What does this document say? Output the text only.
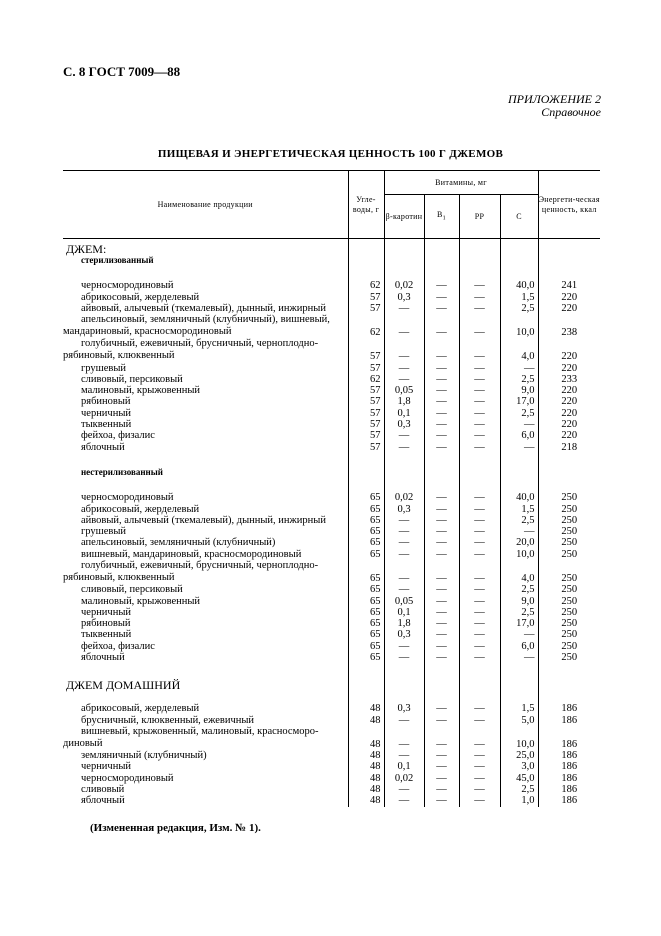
С. 8 ГОСТ 7009—88
ПРИЛОЖЕНИЕ 2
Справочное
ПИЩЕВАЯ И ЭНЕРГЕТИЧЕСКАЯ ЦЕННОСТЬ 100 Г ДЖЕМОВ
Наименование продукции	Угле-воды, г	Витамины, мг				Энергети-ческая ценность, ккал
		β-каротин	$B_1$	PP	C	
ДЖЕМ:						
стерилизованный						

черносмородиновый	62	0,02	—	—	40,0	241
абрикосовый, жерделевый	57	0,3	—	—	1,5	220
айвовый, алычевый (ткемалевый), дынный, инжирный	57	—	—	—	2,5	220
апельсиновый, земляничный (клубничный), вишневый, мандариновый, красносмородиновый	62	—	—	—	10,0	238
голубичный, ежевичный, брусничный, черноплодно-рябиновый, клюквенный	57	—	—	—	4,0	220
грушевый	57	—	—	—	—	220
сливовый, персиковый	62	—	—	—	2,5	233
малиновый, крыжовенный	57	0,05	—	—	9,0	220
рябиновый	57	1,8	—	—	17,0	220
черничный	57	0,1	—	—	2,5	220
тыквенный	57	0,3	—	—	—	220
фейхоа, физалис	57	—	—	—	6,0	220
яблочный	57	—	—	—	—	218

нестерилизованный						

черносмородиновый	65	0,02	—	—	40,0	250
абрикосовый, жерделевый	65	0,3	—	—	1,5	250
айвовый, алычевый (ткемалевый), дынный, инжирный	65	—	—	—	2,5	250
грушевый	65	—	—	—	—	250
апельсиновый, земляничный (клубничный)	65	—	—	—	20,0	250
вишневый, мандариновый, красносмородиновый	65	—	—	—	10,0	250
голубичный, ежевичный, брусничный, черноплодно-рябиновый, клюквенный	65	—	—	—	4,0	250
сливовый, персиковый	65	—	—	—	2,5	250
малиновый, крыжовенный	65	0,05	—	—	9,0	250
черничный	65	0,1	—	—	2,5	250
рябиновый	65	1,8	—	—	17,0	250
тыквенный	65	0,3	—	—	—	250
фейхоа, физалис	65	—	—	—	6,0	250
яблочный	65	—	—	—	—	250

ДЖЕМ ДОМАШНИЙ						

абрикосовый, жерделевый	48	0,3	—	—	1,5	186
брусничный, клюквенный, ежевичный	48	—	—	—	5,0	186
вишневый, крыжовенный, малиновый, красносморо-диновый	48	—	—	—	10,0	186
земляничный (клубничный)	48	—	—	—	25,0	186
черничный	48	0,1	—	—	3,0	186
черносмородиновый	48	0,02	—	—	45,0	186
сливовый	48	—	—	—	2,5	186
яблочный	48	—	—	—	1,0	186
(Измененная редакция, Изм. № 1).
